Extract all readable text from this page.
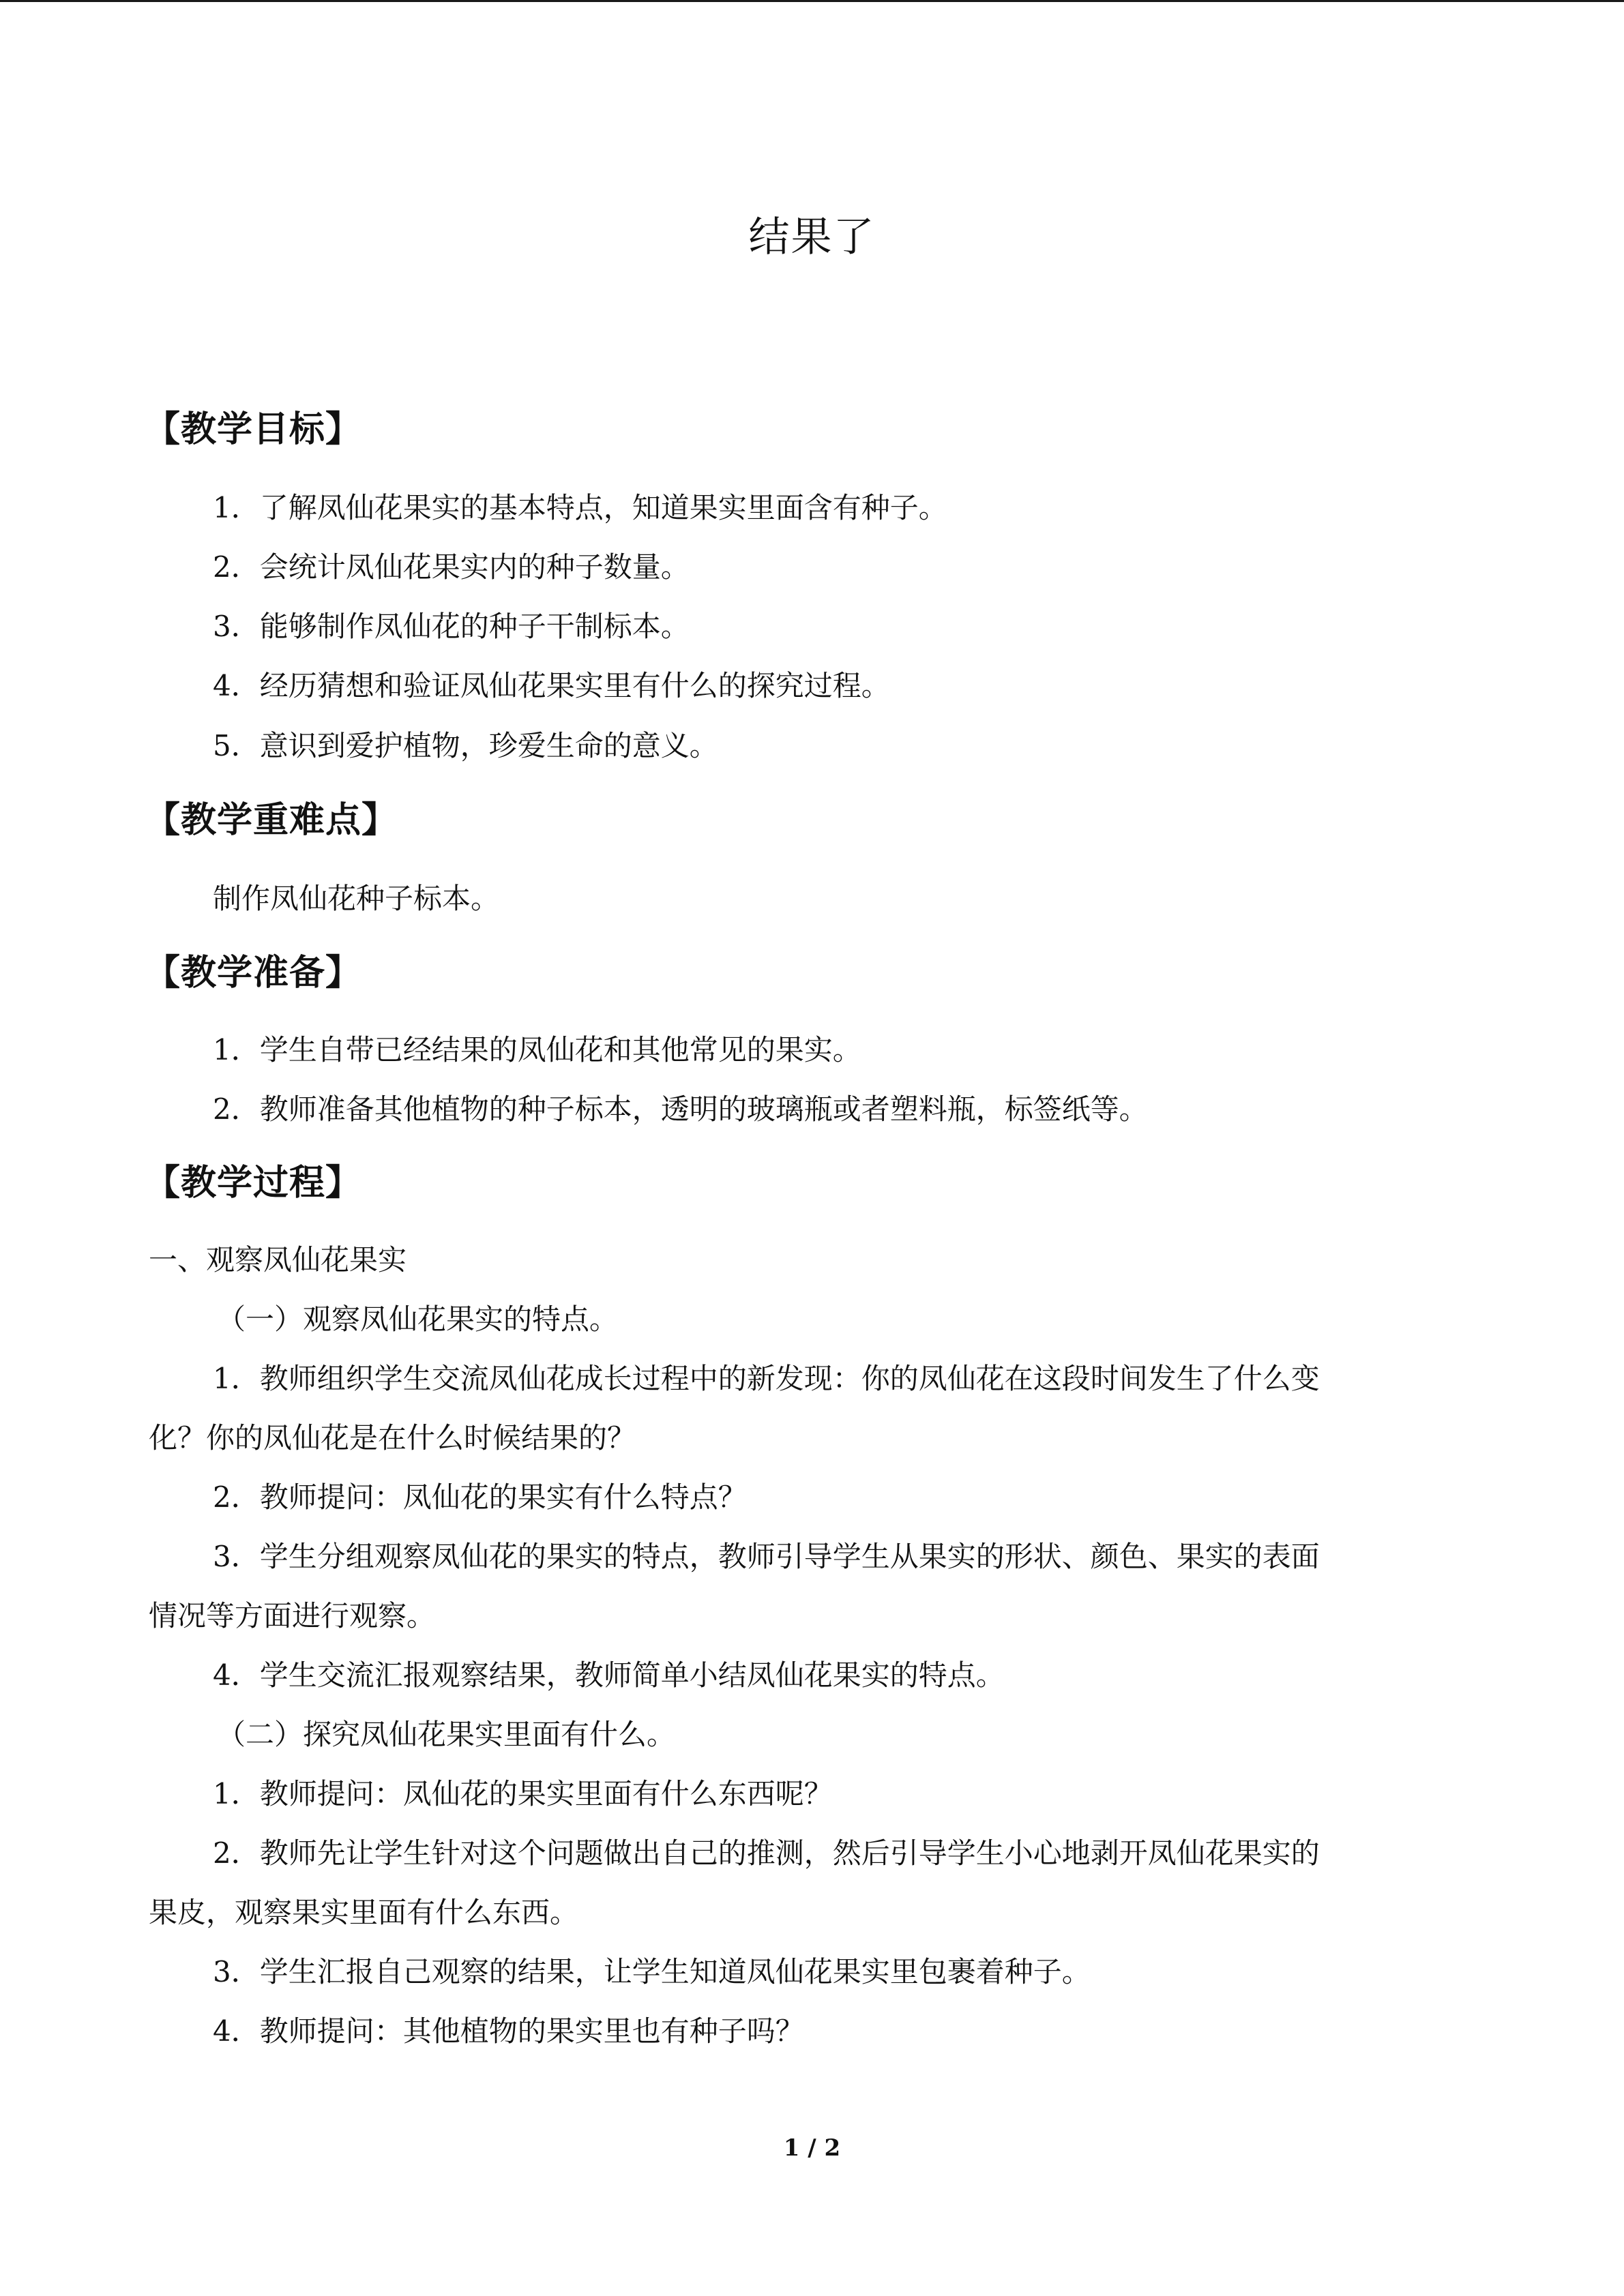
结果了
【教学目标】
1．了解凤仙花果实的基本特点，知道果实里面含有种子。
2．会统计凤仙花果实内的种子数量。
3．能够制作凤仙花的种子干制标本。
4．经历猜想和验证凤仙花果实里有什么的探究过程。
5．意识到爱护植物，珍爱生命的意义。
【教学重难点】
制作凤仙花种子标本。
【教学准备】
1．学生自带已经结果的凤仙花和其他常见的果实。
2．教师准备其他植物的种子标本，透明的玻璃瓶或者塑料瓶，标签纸等。
【教学过程】
一、观察凤仙花果实
（一）观察凤仙花果实的特点。
1．教师组织学生交流凤仙花成长过程中的新发现：你的凤仙花在这段时间发生了什么变
化？你的凤仙花是在什么时候结果的？
2．教师提问：凤仙花的果实有什么特点？
3．学生分组观察凤仙花的果实的特点，教师引导学生从果实的形状、颜色、果实的表面
情况等方面进行观察。
4．学生交流汇报观察结果，教师简单小结凤仙花果实的特点。
（二）探究凤仙花果实里面有什么。
1．教师提问：凤仙花的果实里面有什么东西呢？
2．教师先让学生针对这个问题做出自己的推测，然后引导学生小心地剥开凤仙花果实的
果皮，观察果实里面有什么东西。
3．学生汇报自己观察的结果，让学生知道凤仙花果实里包裹着种子。
4．教师提问：其他植物的果实里也有种子吗？
1 / 2
